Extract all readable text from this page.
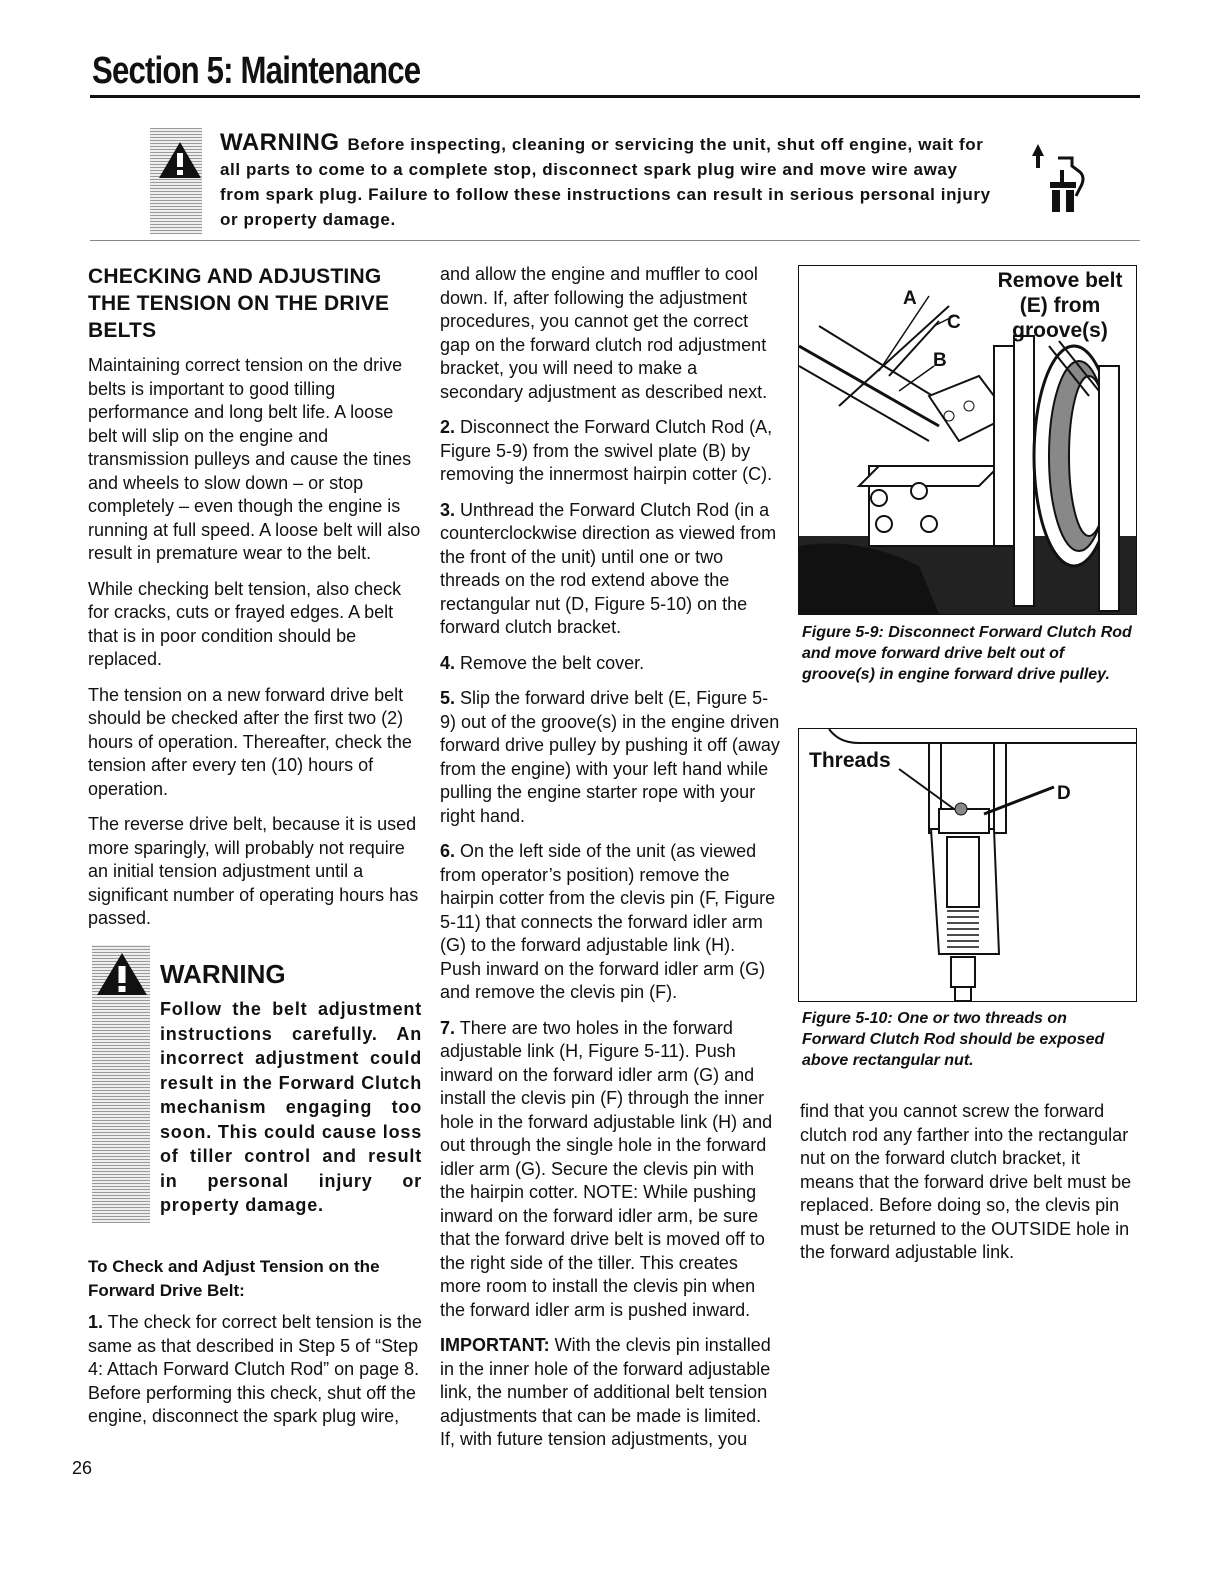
Section 5: Maintenance
WARNING Before inspecting, cleaning or servicing the unit, shut off engine, wait for all parts to come to a complete stop, disconnect spark plug wire and move wire away from spark plug. Failure to follow these instructions can result in serious personal injury or property damage.
CHECKING AND ADJUSTING THE TENSION ON THE DRIVE BELTS

Maintaining correct tension on the drive belts is important to good tilling performance and long belt life. A loose belt will slip on the engine and transmission pulleys and cause the tines and wheels to slow down – or stop completely – even though the engine is running at full speed. A loose belt will also result in premature wear to the belt.

While checking belt tension, also check for cracks, cuts or frayed edges. A belt that is in poor condition should be replaced.

The tension on a new forward drive belt should be checked after the first two (2) hours of operation. Thereafter, check the tension after every ten (10) hours of operation.

The reverse drive belt, because it is used more sparingly, will probably not require an initial tension adjustment until a significant number of operating hours has passed.

WARNING
Follow the belt adjustment instructions carefully. An incorrect adjustment could result in the Forward Clutch mechanism engaging too soon. This could cause loss of tiller control and result in personal injury or property damage.
To Check and Adjust Tension on the Forward Drive Belt:

1. The check for correct belt tension is the same as that described in Step 5 of “Step 4: Attach Forward Clutch Rod” on page 8. Before performing this check, shut off the engine, disconnect the spark plug wire,

and allow the engine and muffler to cool down. If, after following the adjustment procedures, you cannot get the correct gap on the forward clutch rod adjustment bracket, you will need to make a secondary adjustment as described next.

2. Disconnect the Forward Clutch Rod (A, Figure 5-9) from the swivel plate (B) by removing the innermost hairpin cotter (C).

3. Unthread the Forward Clutch Rod (in a counterclockwise direction as viewed from the front of the unit) until one or two threads on the rod extend above the rectangular nut (D, Figure 5-10) on the forward clutch bracket.

4. Remove the belt cover.

5. Slip the forward drive belt (E, Figure 5-9) out of the groove(s) in the engine driven forward drive pulley by pushing it off (away from the engine) with your left hand while pulling the engine starter rope with your right hand.

6. On the left side of the unit (as viewed from operator’s position) remove the hairpin cotter from the clevis pin (F, Figure 5-11) that connects the forward idler arm (G) to the forward adjustable link (H). Push inward on the forward idler arm (G) and remove the clevis pin (F).

7. There are two holes in the forward adjustable link (H, Figure 5-11). Push inward on the forward idler arm (G) and install the clevis pin (F) through the inner hole in the forward adjustable link (H) and out through the single hole in the forward idler arm (G). Secure the clevis pin with the hairpin cotter. NOTE: While pushing inward on the forward idler arm, be sure that the forward drive belt is moved off to the right side of the tiller. This creates more room to install the clevis pin when the forward idler arm is pushed inward.

IMPORTANT: With the clevis pin installed in the inner hole of the forward adjustable link, the number of additional belt tension adjustments that can be made is limited. If, with future tension adjustments, you

Remove belt (E) from groove(s)
A
C
B
Figure 5-9: Disconnect Forward Clutch Rod and move forward drive belt out of groove(s) in engine forward drive pulley.
Threads
D
Figure 5-10: One or two threads on Forward Clutch Rod should be exposed above rectangular nut.

find that you cannot screw the forward clutch rod any farther into the rectangular nut on the forward clutch bracket, it means that the forward drive belt must be replaced. Before doing so, the clevis pin must be returned to the OUTSIDE hole in the forward adjustable link.

26
